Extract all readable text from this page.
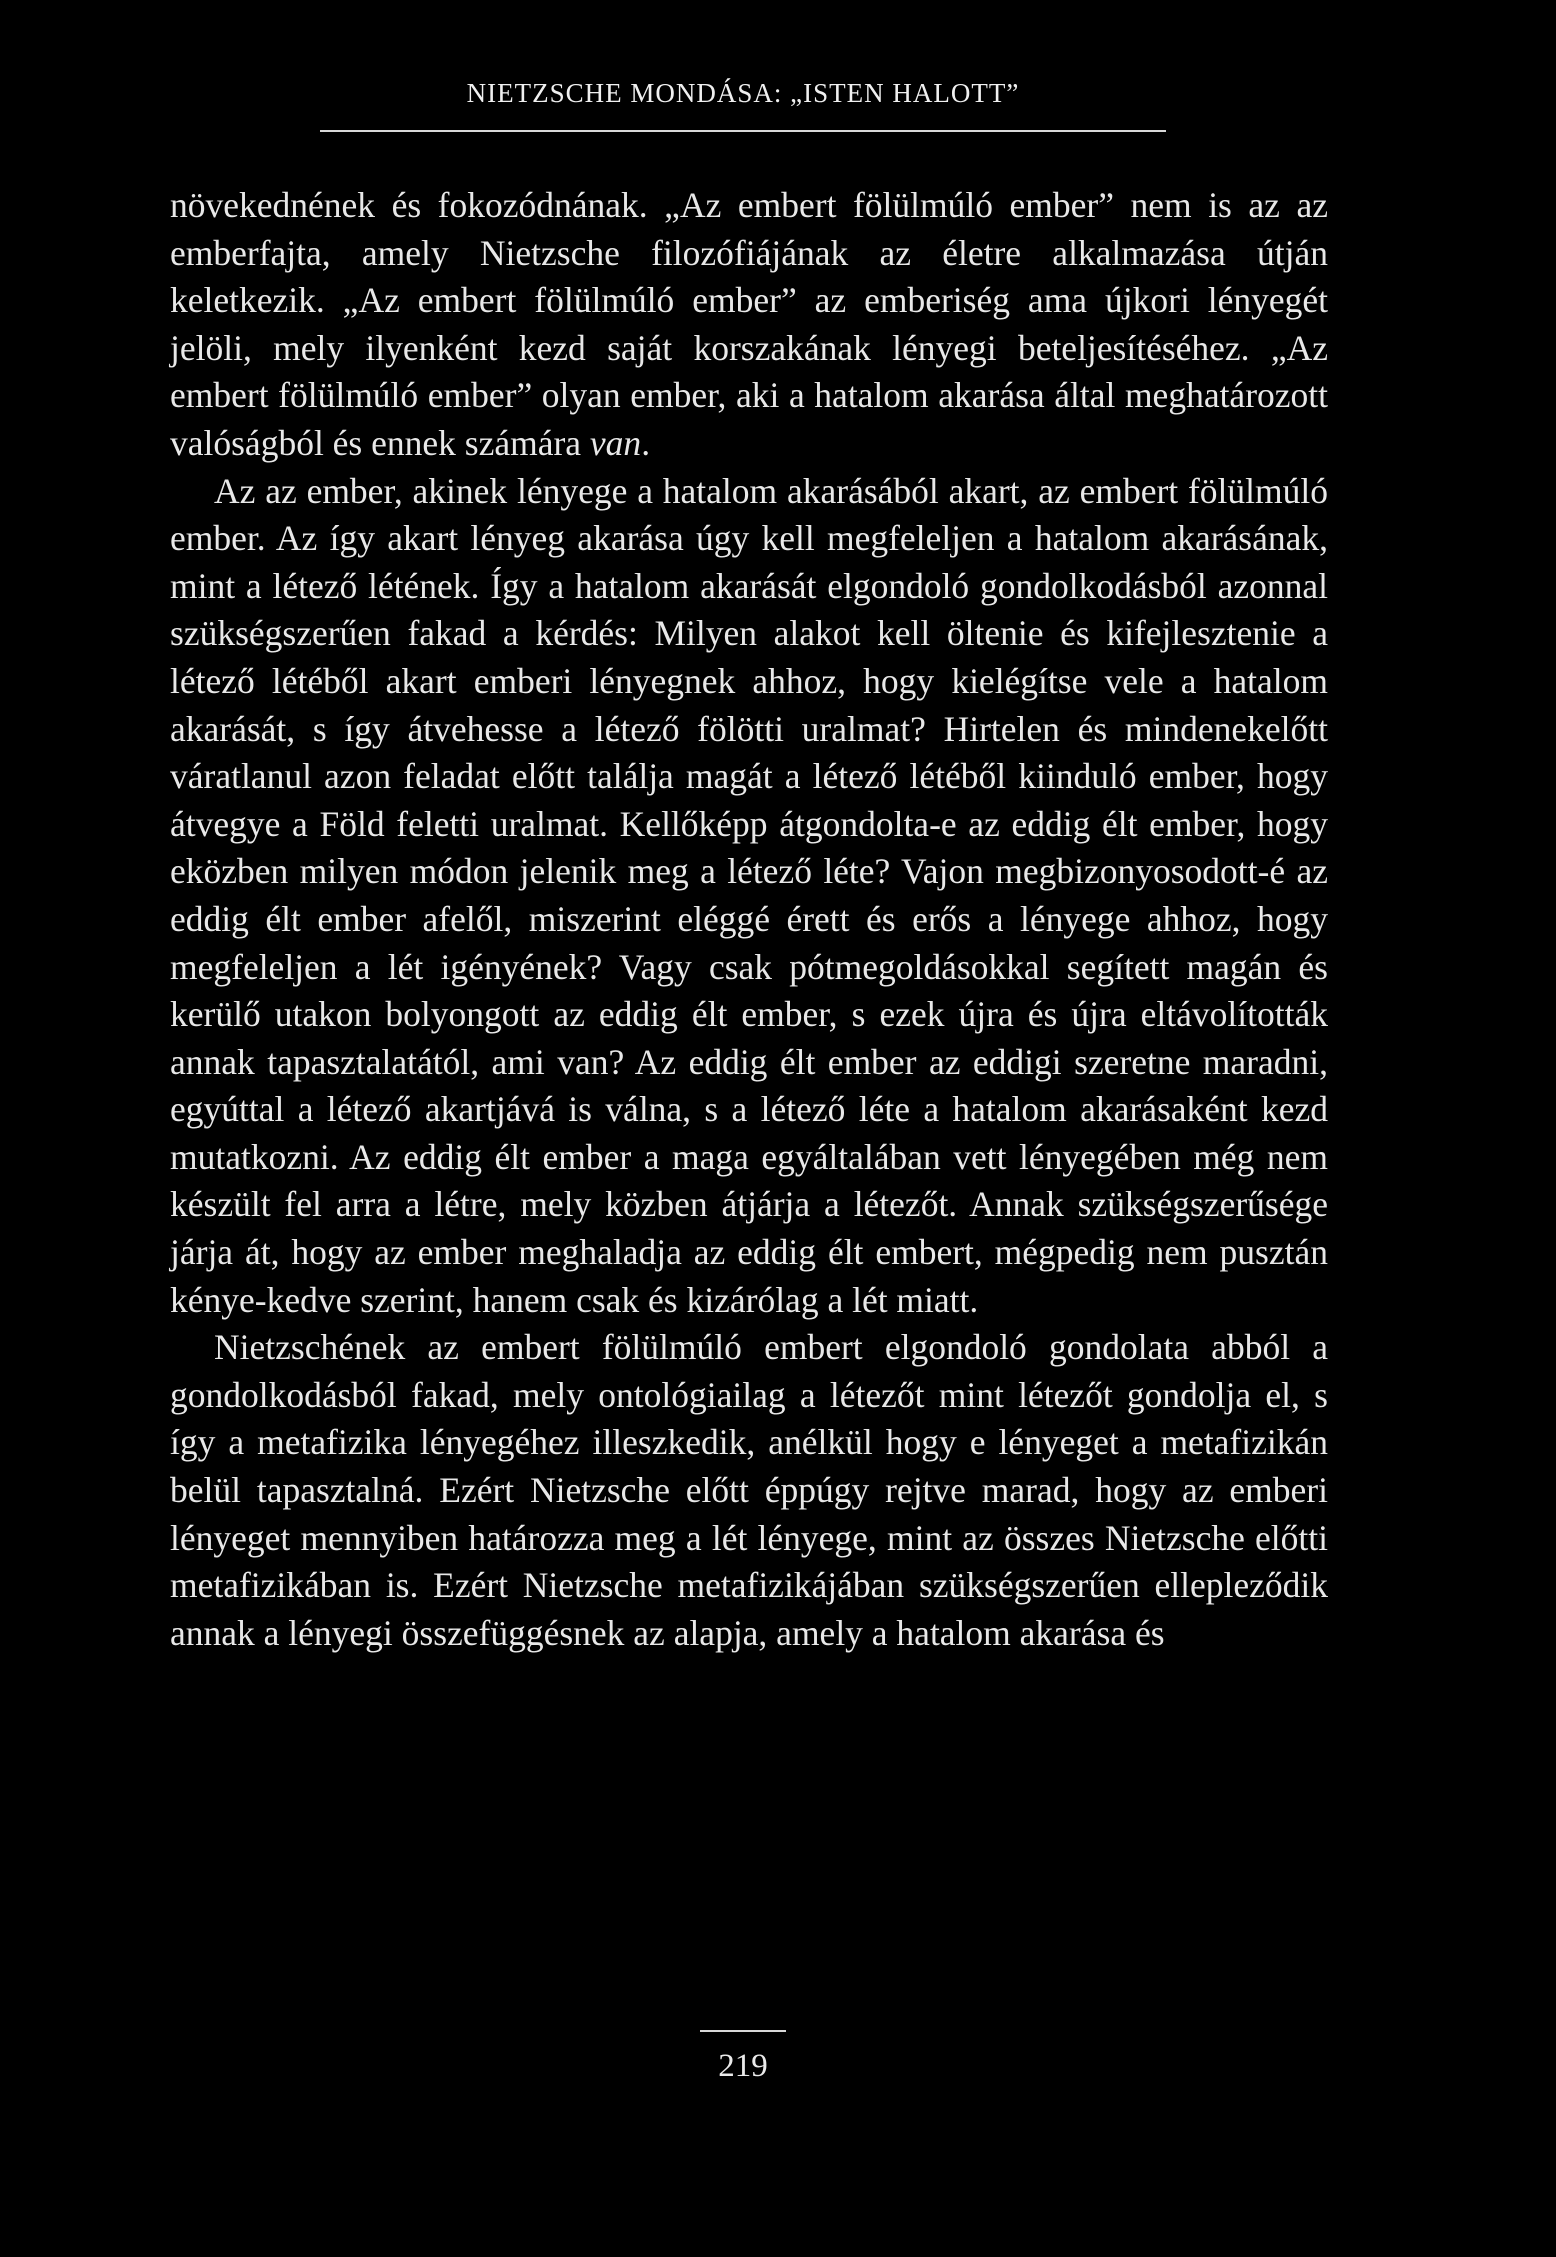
NIETZSCHE MONDÁSA: „ISTEN HALOTT”

növekednének és fokozódnának. „Az embert fölülmúló ember” nem is az az emberfajta, amely Nietzsche filozófiájának az életre alkalmazása útján keletkezik. „Az embert fölülmúló ember” az emberiség ama újkori lényegét jelöli, mely ilyenként kezd saját korszakának lényegi beteljesítéséhez. „Az embert fölülmúló ember” olyan ember, aki a hatalom akarása által meghatározott valóságból és ennek számára van.

Az az ember, akinek lényege a hatalom akarásából akart, az embert fölülmúló ember. Az így akart lényeg akarása úgy kell megfeleljen a hatalom akarásának, mint a létező létének. Így a hatalom akarását elgondoló gondolkodásból azonnal szükségszerűen fakad a kérdés: Milyen alakot kell öltenie és kifejlesztenie a létező létéből akart emberi lényegnek ahhoz, hogy kielégítse vele a hatalom akarását, s így átvehesse a létező fölötti uralmat? Hirtelen és mindenekelőtt váratlanul azon feladat előtt találja magát a létező létéből kiinduló ember, hogy átvegye a Föld feletti uralmat. Kellőképp átgondolta-e az eddig élt ember, hogy eközben milyen módon jelenik meg a létező léte? Vajon megbizonyosodott-é az eddig élt ember afelől, miszerint eléggé érett és erős a lényege ahhoz, hogy megfeleljen a lét igényének? Vagy csak pótmegoldásokkal segített magán és kerülő utakon bolyongott az eddig élt ember, s ezek újra és újra eltávolították annak tapasztalatától, ami van? Az eddig élt ember az eddigi szeretne maradni, egyúttal a létező akartjává is válna, s a létező léte a hatalom akarásaként kezd mutatkozni. Az eddig élt ember a maga egyáltalában vett lényegében még nem készült fel arra a létre, mely közben átjárja a létezőt. Annak szükségszerűsége járja át, hogy az ember meghaladja az eddig élt embert, mégpedig nem pusztán kénye-kedve szerint, hanem csak és kizárólag a lét miatt.

Nietzschének az embert fölülmúló embert elgondoló gondolata abból a gondolkodásból fakad, mely ontológiailag a létezőt mint létezőt gondolja el, s így a metafizika lényegéhez illeszkedik, anélkül hogy e lényeget a metafizikán belül tapasztalná. Ezért Nietzsche előtt éppúgy rejtve marad, hogy az emberi lényeget mennyiben határozza meg a lét lényege, mint az összes Nietzsche előtti metafizikában is. Ezért Nietzsche metafizikájában szükségszerűen ellepleződik annak a lényegi összefüggésnek az alapja, amely a hatalom akarása és

219
